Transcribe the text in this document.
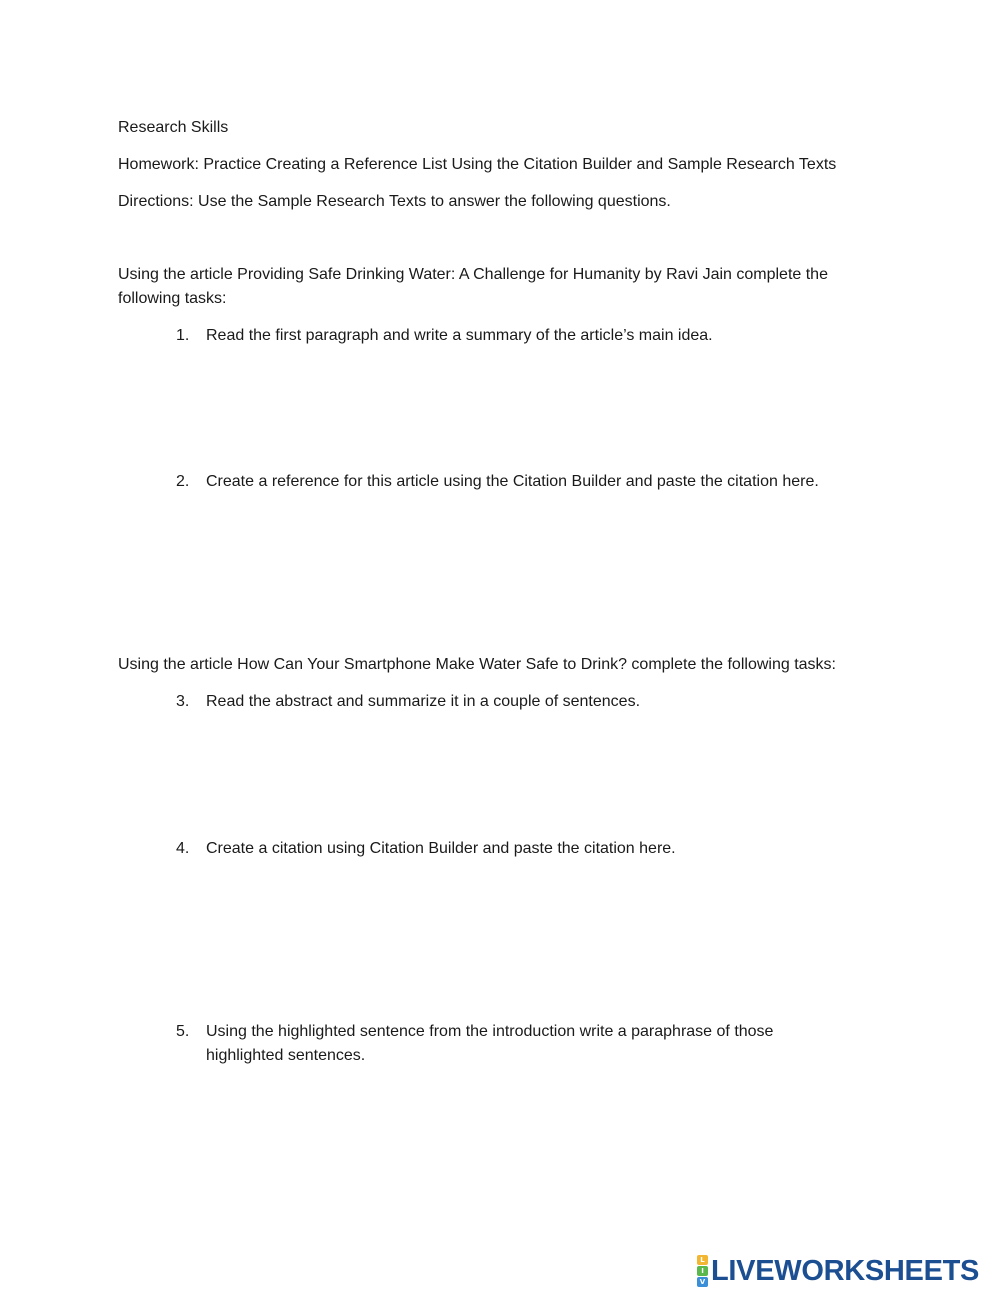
Research Skills
Homework: Practice Creating a Reference List Using the Citation Builder and Sample Research Texts
Directions: Use the Sample Research Texts to answer the following questions.
Using the article Providing Safe Drinking Water: A Challenge for Humanity by Ravi Jain complete the following tasks:
1.	Read the first paragraph and write a summary of the article’s main idea.
2.	Create a reference for this article using the Citation Builder and paste the citation here.
Using the article How Can Your Smartphone Make Water Safe to Drink? complete the following tasks:
3.	Read the abstract and summarize it in a couple of sentences.
4.	Create a citation using Citation Builder and paste the citation here.
5.	Using the highlighted sentence from the introduction write a paraphrase of those highlighted sentences.
L
I
V LIVEWORKSHEETS
